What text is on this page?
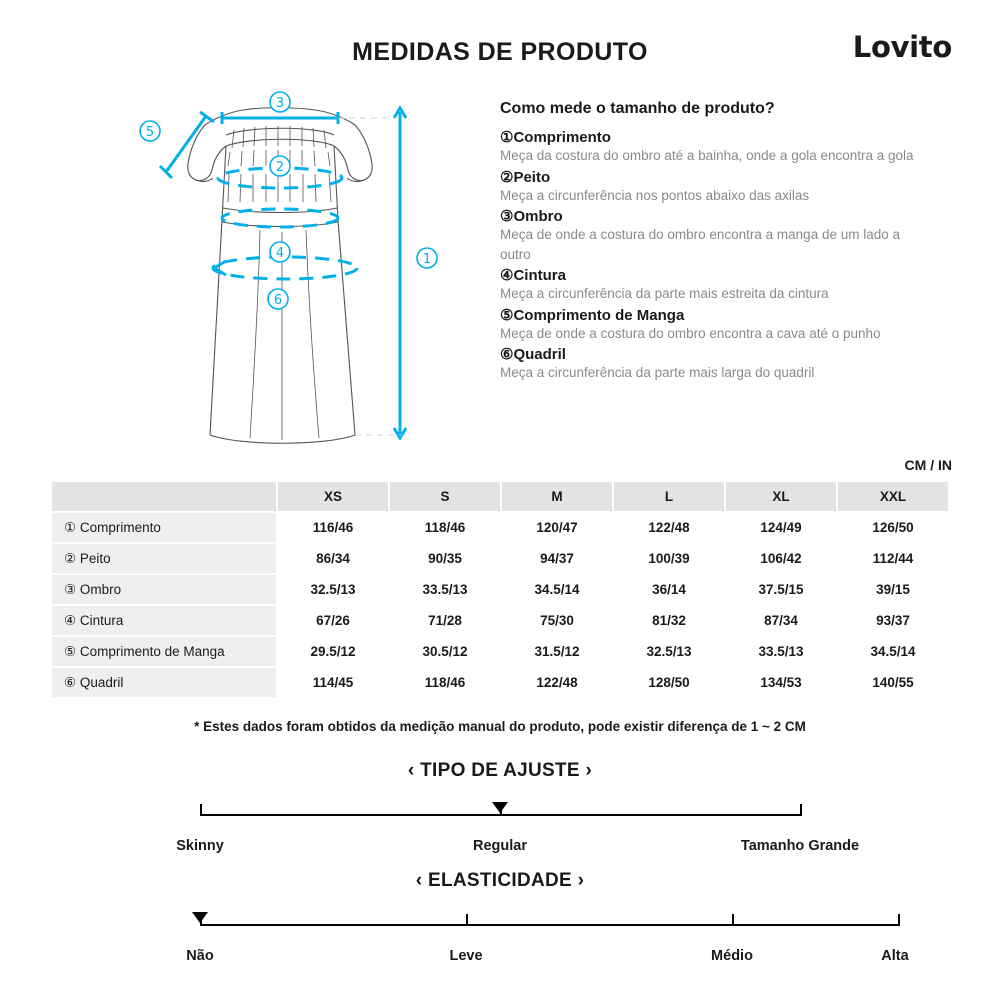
MEDIDAS DE PRODUTO	Lovito
3
2
4
6
5
1
Como mede o tamanho de produto?
①Comprimento
Meça da costura do ombro até a bainha, onde a gola encontra a gola
②Peito
Meça a circunferência nos pontos abaixo das axilas
③Ombro
Meça de onde a costura do ombro encontra a manga de um lado a outro
④Cintura
Meça a circunferência da parte mais estreita da cintura
⑤Comprimento de Manga
Meça de onde a costura do ombro encontra a cava até o punho
⑥Quadril
Meça a circunferência da parte mais larga do quadril
CM / IN
	XS	S	M	L	XL	XXL
① Comprimento	116/46	118/46	120/47	122/48	124/49	126/50
② Peito	86/34	90/35	94/37	100/39	106/42	112/44
③ Ombro	32.5/13	33.5/13	34.5/14	36/14	37.5/15	39/15
④ Cintura	67/26	71/28	75/30	81/32	87/34	93/37
⑤ Comprimento de Manga	29.5/12	30.5/12	31.5/12	32.5/13	33.5/13	34.5/14
⑥ Quadril	114/45	118/46	122/48	128/50	134/53	140/55
* Estes dados foram obtidos da medição manual do produto, pode existir diferença de 1 ~ 2 CM
‹ TIPO DE AJUSTE ›
Skinny	Regular	Tamanho Grande
‹ ELASTICIDADE ›
Não	Leve	Médio	Alta
